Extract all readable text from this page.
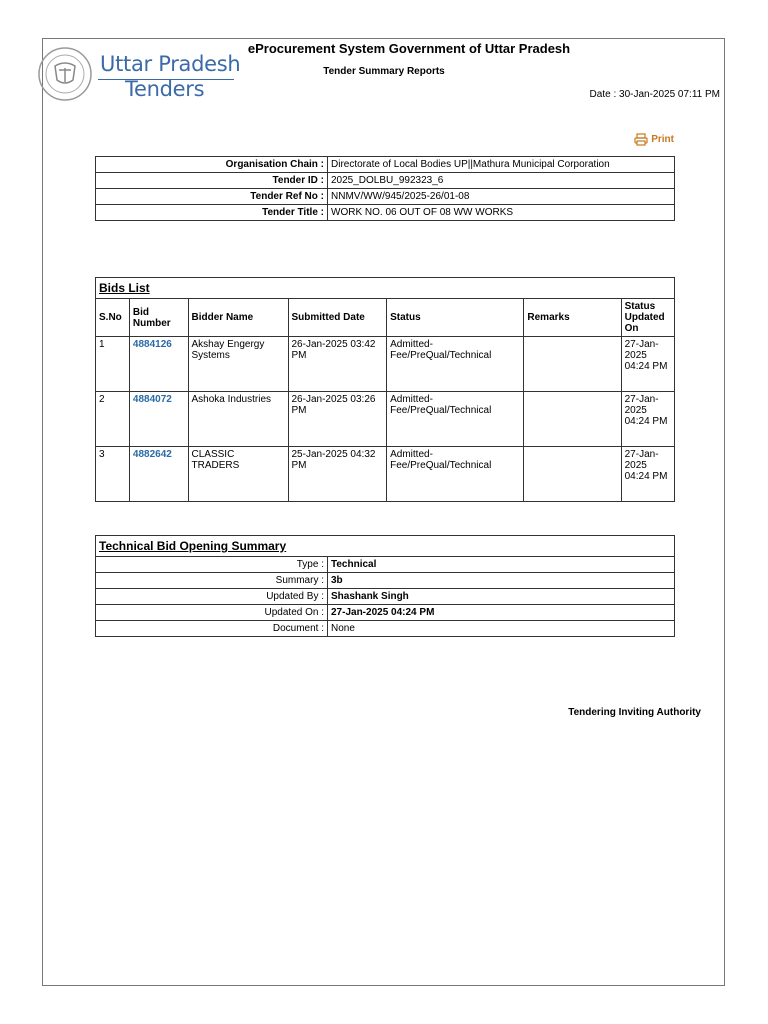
Uttar Pradesh
Tenders
eProcurement System Government of Uttar Pradesh
Tender Summary Reports
Date : 30-Jan-2025 07:11 PM
Print
Organisation Chain :	Directorate of Local Bodies UP||Mathura Municipal Corporation
Tender ID :	2025_DOLBU_992323_6
Tender Ref No :	NNMV/WW/945/2025-26/01-08
Tender Title :	WORK NO. 06 OUT OF 08 WW WORKS
Bids List						
S.No	Bid Number	Bidder Name	Submitted Date	Status	Remarks	Status Updated On
1	4884126	Akshay Engergy Systems	26-Jan-2025 03:42 PM	Admitted-Fee/PreQual/Technical		27-Jan-2025 04:24 PM
2	4884072	Ashoka Industries	26-Jan-2025 03:26 PM	Admitted-Fee/PreQual/Technical		27-Jan-2025 04:24 PM
3	4882642	CLASSIC TRADERS	25-Jan-2025 04:32 PM	Admitted-Fee/PreQual/Technical		27-Jan-2025 04:24 PM
Technical Bid Opening Summary	
Type :	Technical
Summary :	3b
Updated By :	Shashank Singh
Updated On :	27-Jan-2025 04:24 PM
Document :	None
Tendering Inviting Authority
